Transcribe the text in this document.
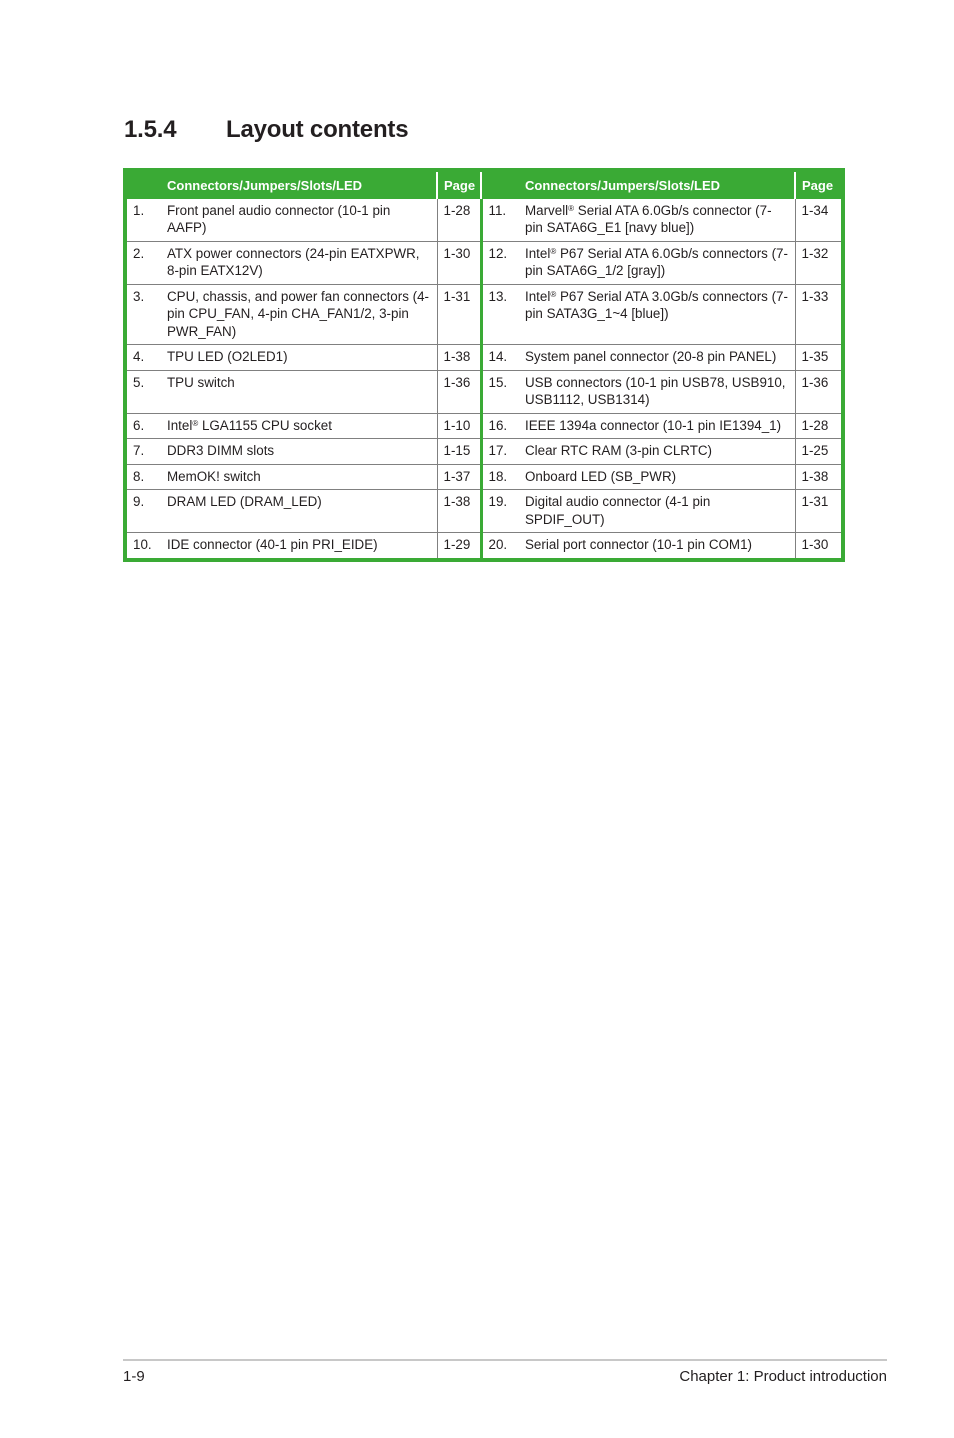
1.5.4 Layout contents
	Connectors/Jumpers/Slots/LED	Page		Connectors/Jumpers/Slots/LED	Page
1.	Front panel audio connector (10-1 pin AAFP)	1-28	11.	Marvell® Serial ATA 6.0Gb/s connector (7-pin SATA6G_E1 [navy blue])	1-34
2.	ATX power connectors (24-pin EATXPWR, 8-pin EATX12V)	1-30	12.	Intel® P67 Serial ATA 6.0Gb/s connectors (7-pin SATA6G_1/2 [gray])	1-32
3.	CPU, chassis, and power fan connectors (4-pin CPU_FAN, 4-pin CHA_FAN1/2, 3-pin PWR_FAN)	1-31	13.	Intel® P67 Serial ATA 3.0Gb/s connectors (7-pin SATA3G_1~4 [blue])	1-33
4.	TPU LED (O2LED1)	1-38	14.	System panel connector (20-8 pin PANEL)	1-35
5.	TPU switch	1-36	15.	USB connectors (10-1 pin USB78, USB910, USB1112, USB1314)	1-36
6.	Intel® LGA1155 CPU socket	1-10	16.	IEEE 1394a connector (10-1 pin IE1394_1)	1-28
7.	DDR3 DIMM slots	1-15	17.	Clear RTC RAM (3-pin CLRTC)	1-25
8.	MemOK! switch	1-37	18.	Onboard LED (SB_PWR)	1-38
9.	DRAM LED (DRAM_LED)	1-38	19.	Digital audio connector (4-1 pin SPDIF_OUT)	1-31
10.	IDE connector (40-1 pin PRI_EIDE)	1-29	20.	Serial port connector (10-1 pin COM1)	1-30
1-9	Chapter 1: Product introduction
